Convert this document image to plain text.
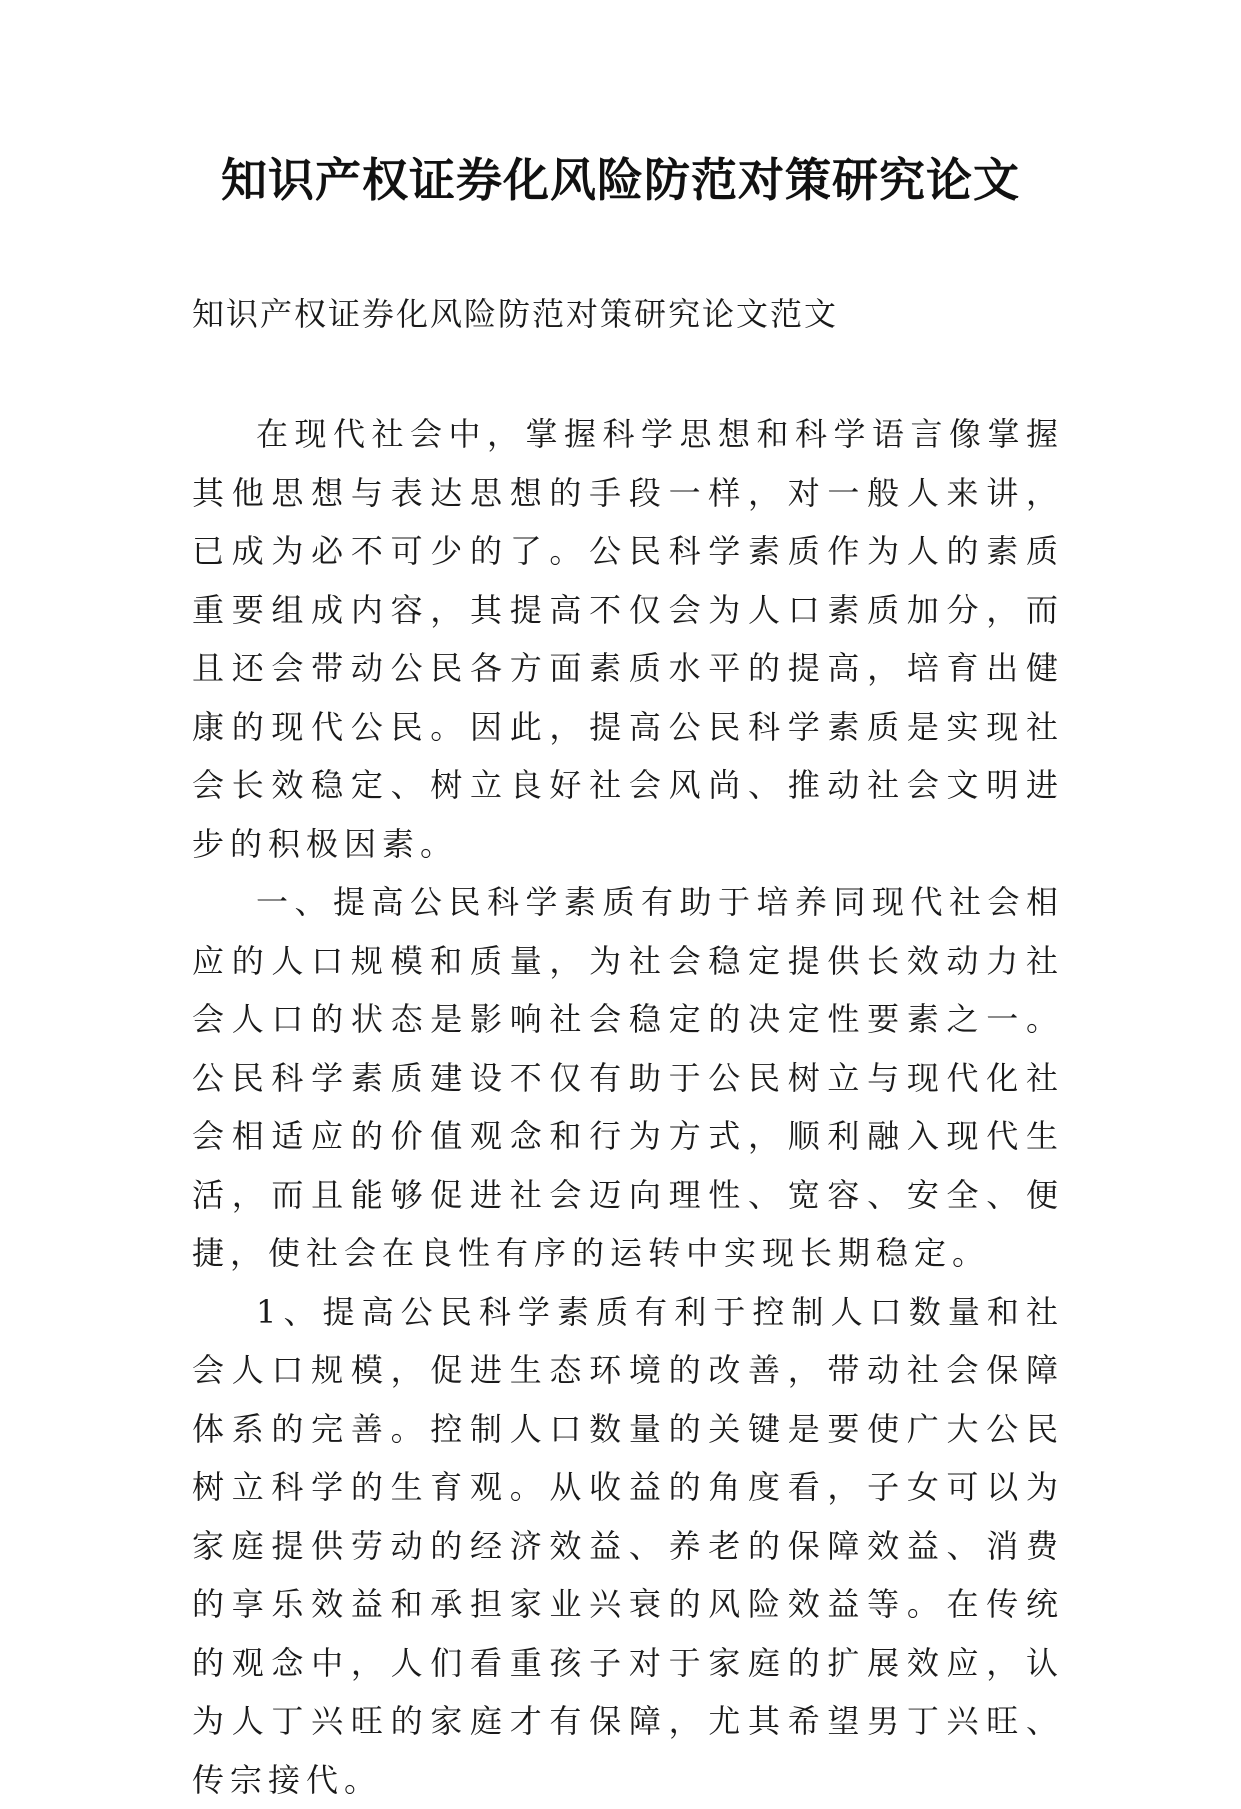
知识产权证券化风险防范对策研究论文

知识产权证券化风险防范对策研究论文范文

在现代社会中，掌握科学思想和科学语言像掌握其他思想与表达思想的手段一样，对一般人来讲，已成为必不可少的了。公民科学素质作为人的素质重要组成内容，其提高不仅会为人口素质加分，而且还会带动公民各方面素质水平的提高，培育出健康的现代公民。因此，提高公民科学素质是实现社会长效稳定、树立良好社会风尚、推动社会文明进步的积极因素。

一、提高公民科学素质有助于培养同现代社会相应的人口规模和质量，为社会稳定提供长效动力社会人口的状态是影响社会稳定的决定性要素之一。公民科学素质建设不仅有助于公民树立与现代化社会相适应的价值观念和行为方式，顺利融入现代生活，而且能够促进社会迈向理性、宽容、安全、便捷，使社会在良性有序的运转中实现长期稳定。

1、提高公民科学素质有利于控制人口数量和社会人口规模，促进生态环境的改善，带动社会保障体系的完善。控制人口数量的关键是要使广大公民树立科学的生育观。从收益的角度看，子女可以为家庭提供劳动的经济效益、养老的保障效益、消费的享乐效益和承担家业兴衰的风险效益等。在传统的观念中，人们看重孩子对于家庭的扩展效应，认为人丁兴旺的家庭才有保障，尤其希望男丁兴旺、传宗接代。
